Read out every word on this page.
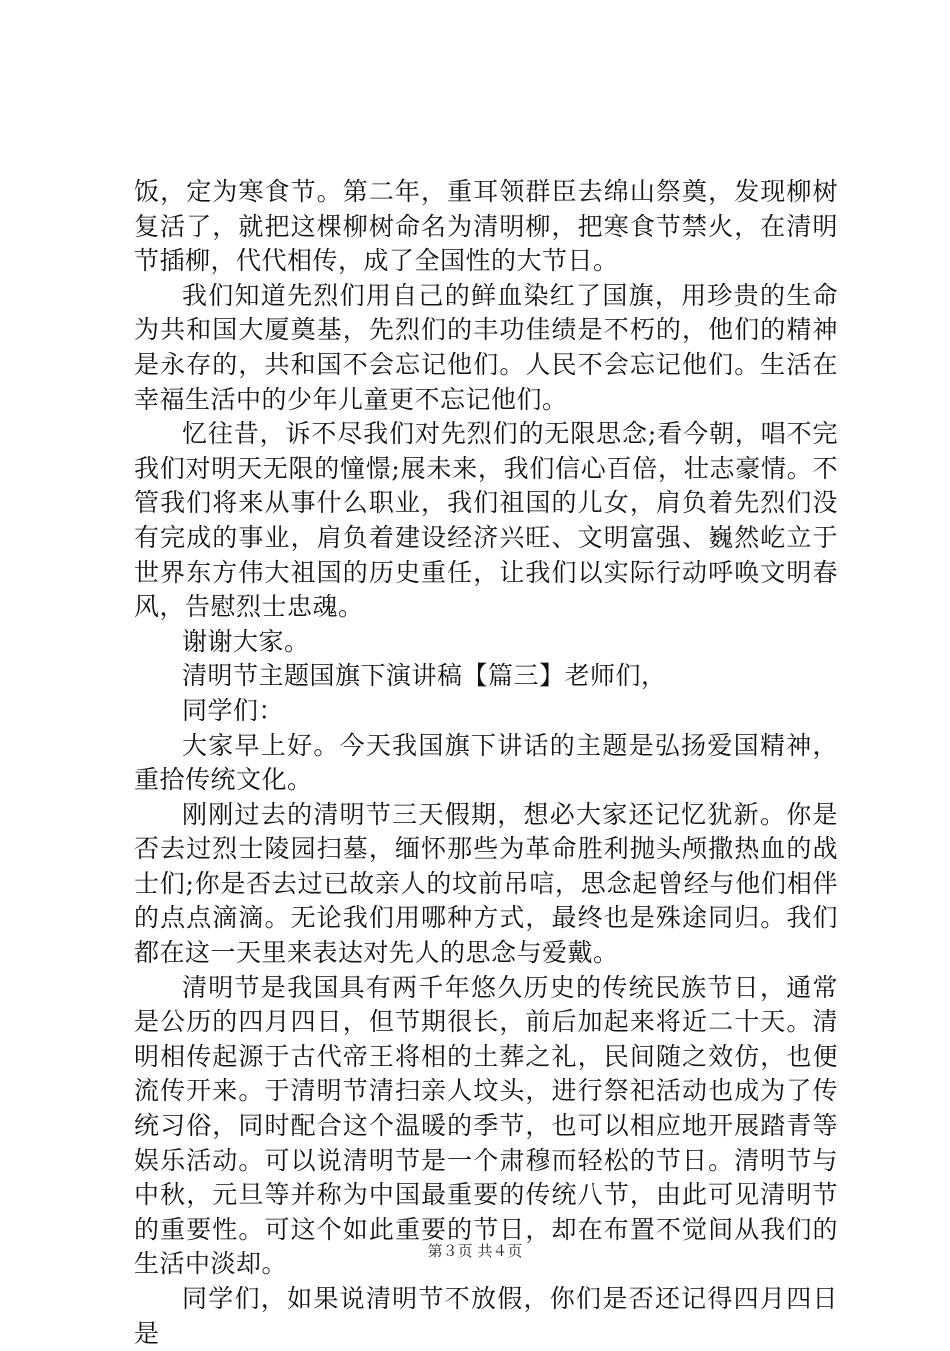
饭，定为寒食节。第二年，重耳领群臣去绵山祭奠，发现柳树复活了，就把这棵柳树命名为清明柳，把寒食节禁火，在清明节插柳，代代相传，成了全国性的大节日。

我们知道先烈们用自己的鲜血染红了国旗，用珍贵的生命为共和国大厦奠基，先烈们的丰功佳绩是不朽的，他们的精神是永存的，共和国不会忘记他们。人民不会忘记他们。生活在幸福生活中的少年儿童更不忘记他们。

忆往昔，诉不尽我们对先烈们的无限思念;看今朝，唱不完我们对明天无限的憧憬;展未来，我们信心百倍，壮志豪情。不管我们将来从事什么职业，我们祖国的儿女，肩负着先烈们没有完成的事业，肩负着建设经济兴旺、文明富强、巍然屹立于世界东方伟大祖国的历史重任，让我们以实际行动呼唤文明春风，告慰烈士忠魂。

谢谢大家。

清明节主题国旗下演讲稿【篇三】老师们，

同学们：

大家早上好。今天我国旗下讲话的主题是弘扬爱国精神，重拾传统文化。

刚刚过去的清明节三天假期，想必大家还记忆犹新。你是否去过烈士陵园扫墓，缅怀那些为革命胜利抛头颅撒热血的战士们;你是否去过已故亲人的坟前吊唁，思念起曾经与他们相伴的点点滴滴。无论我们用哪种方式，最终也是殊途同归。我们都在这一天里来表达对先人的思念与爱戴。

清明节是我国具有两千年悠久历史的传统民族节日，通常是公历的四月四日，但节期很长，前后加起来将近二十天。清明相传起源于古代帝王将相的土葬之礼，民间随之效仿，也便流传开来。于清明节清扫亲人坟头，进行祭祀活动也成为了传统习俗，同时配合这个温暖的季节，也可以相应地开展踏青等娱乐活动。可以说清明节是一个肃穆而轻松的节日。清明节与中秋，元旦等并称为中国最重要的传统八节，由此可见清明节的重要性。可这个如此重要的节日，却在布置不觉间从我们的生活中淡却。

同学们，如果说清明节不放假，你们是否还记得四月四日是

第３页 共４页
